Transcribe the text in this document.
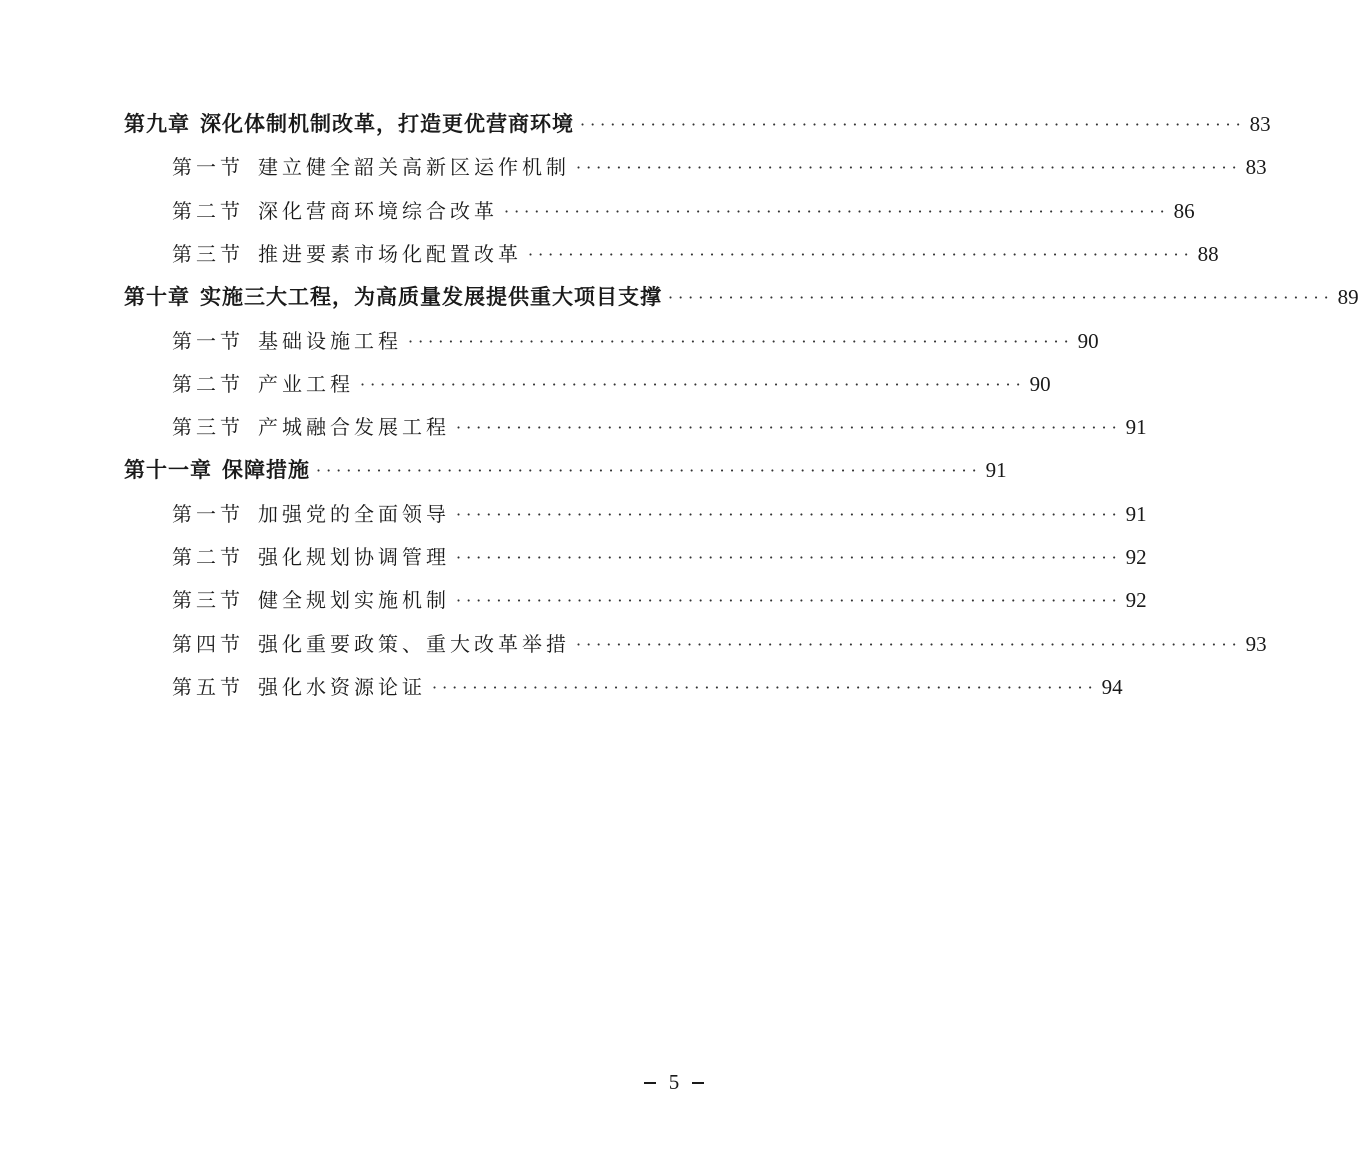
第九章 深化体制机制改革，打造更优营商环境 ·································································· 83
第一节 建立健全韶关高新区运作机制 ·································································· 83
第二节 深化营商环境综合改革 ·································································· 86
第三节 推进要素市场化配置改革 ·································································· 88
第十章 实施三大工程，为高质量发展提供重大项目支撑 ·································································· 89
第一节 基础设施工程 ·································································· 90
第二节 产业工程 ·································································· 90
第三节 产城融合发展工程 ·································································· 91
第十一章 保障措施 ·································································· 91
第一节 加强党的全面领导 ·································································· 91
第二节 强化规划协调管理 ·································································· 92
第三节 健全规划实施机制 ·································································· 92
第四节 强化重要政策、重大改革举措 ·································································· 93
第五节 强化水资源论证 ·································································· 94
5
